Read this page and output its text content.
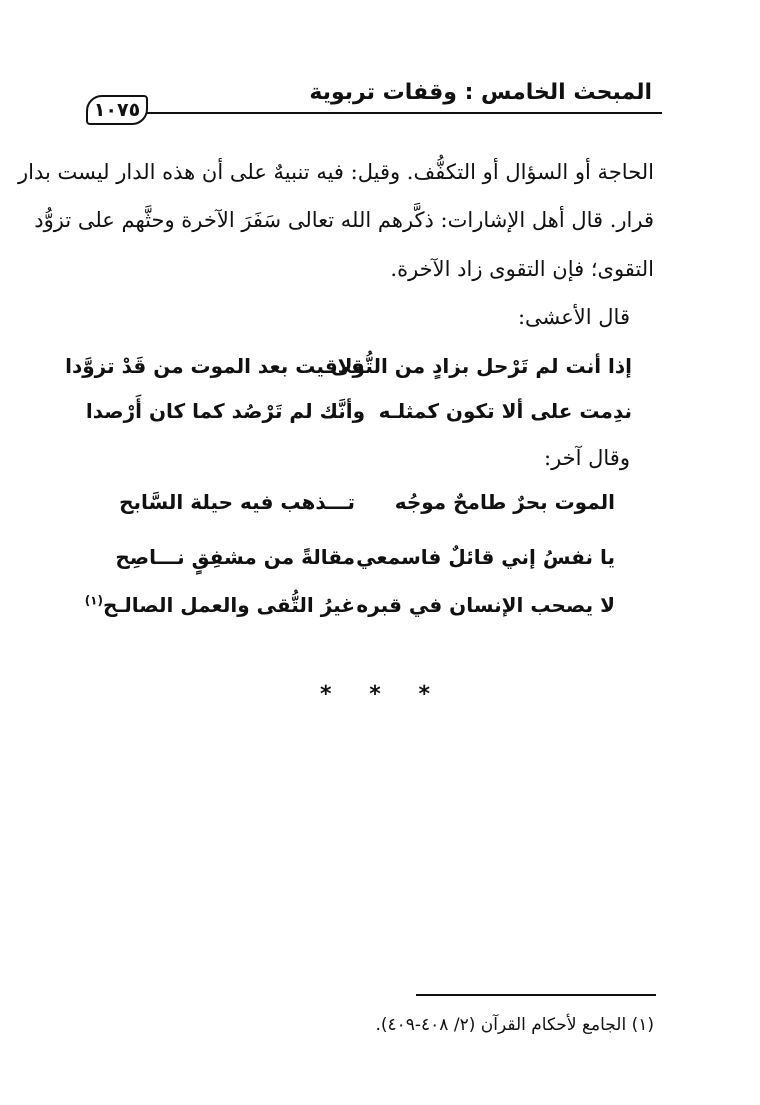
المبحث الخامس : وقفات تربوية
١٠٧٥
الحاجة أو السؤال أو التكفُّف. وقيل: فيه تنبيهٌ على أن هذه الدار ليست بدار
قرار. قال أهل الإشارات: ذكَّرهم الله تعالى سَفَرَ الآخرة وحثَّهم على تزوُّد
التقوى؛ فإن التقوى زاد الآخرة.
قال الأعشى:
إذا أنت لم تَرْحل بزادٍ من التُّقى
ولاقيت بعد الموت من قَدْ تزوَّدا
ندِمت على ألا تكون كمثلـه
وأنَّك لم تَرْصُد كما كان أَرْصدا
وقال آخر:
الموت بحرٌ طامحٌ موجُه
تـــذهب فيه حيلة السَّابح
يا نفسُ إني قائلٌ فاسمعي
مقالةً من مشفِقٍ نـــاصِح
لا يصحب الإنسان في قبره
غيرُ التُّقى والعمل الصالـح$^{(١)}$
* * *
(١) الجامع لأحكام القرآن (٢/ ٤٠٨-٤٠٩).
